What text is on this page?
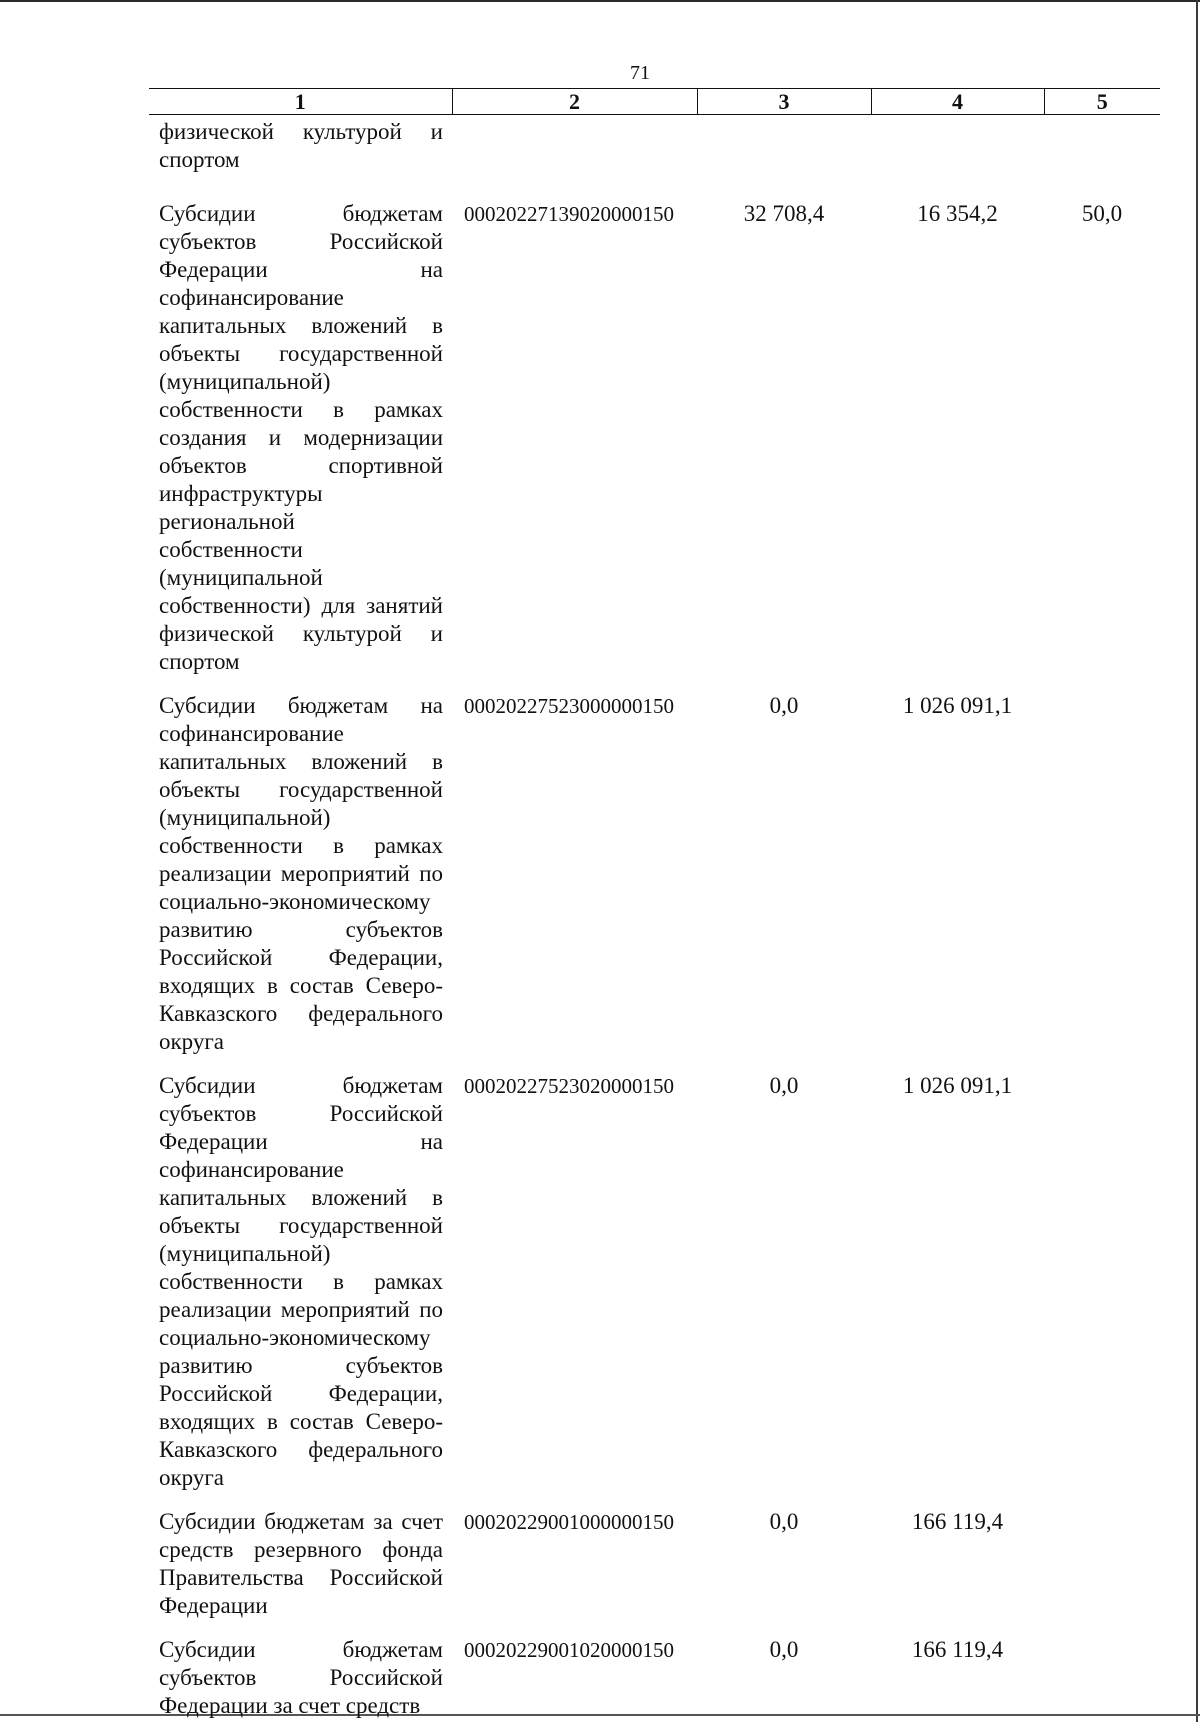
71
1	2	3	4	5
физической культурой и спортом				
Субсидии бюджетам субъектов Российской Федерации на софинансирование капитальных вложений в объекты государственной (муниципальной) собственности в рамках создания и модернизации объектов спортивной инфраструктуры региональной собственности (муниципальной собственности) для занятий физической культурой и спортом	00020227139020000150	32 708,4	16 354,2	50,0
Субсидии бюджетам на софинансирование капитальных вложений в объекты государственной (муниципальной) собственности в рамках реализации мероприятий по социально-экономическому развитию субъектов Российской Федерации, входящих в состав Северо-Кавказского федерального округа	00020227523000000150	0,0	1 026 091,1	
Субсидии бюджетам субъектов Российской Федерации на софинансирование капитальных вложений в объекты государственной (муниципальной) собственности в рамках реализации мероприятий по социально-экономическому развитию субъектов Российской Федерации, входящих в состав Северо-Кавказского федерального округа	00020227523020000150	0,0	1 026 091,1	
Субсидии бюджетам за счет средств резервного фонда Правительства Российской Федерации	00020229001000000150	0,0	166 119,4	
Субсидии бюджетам субъектов Российской Федерации за счет средств	00020229001020000150	0,0	166 119,4	
